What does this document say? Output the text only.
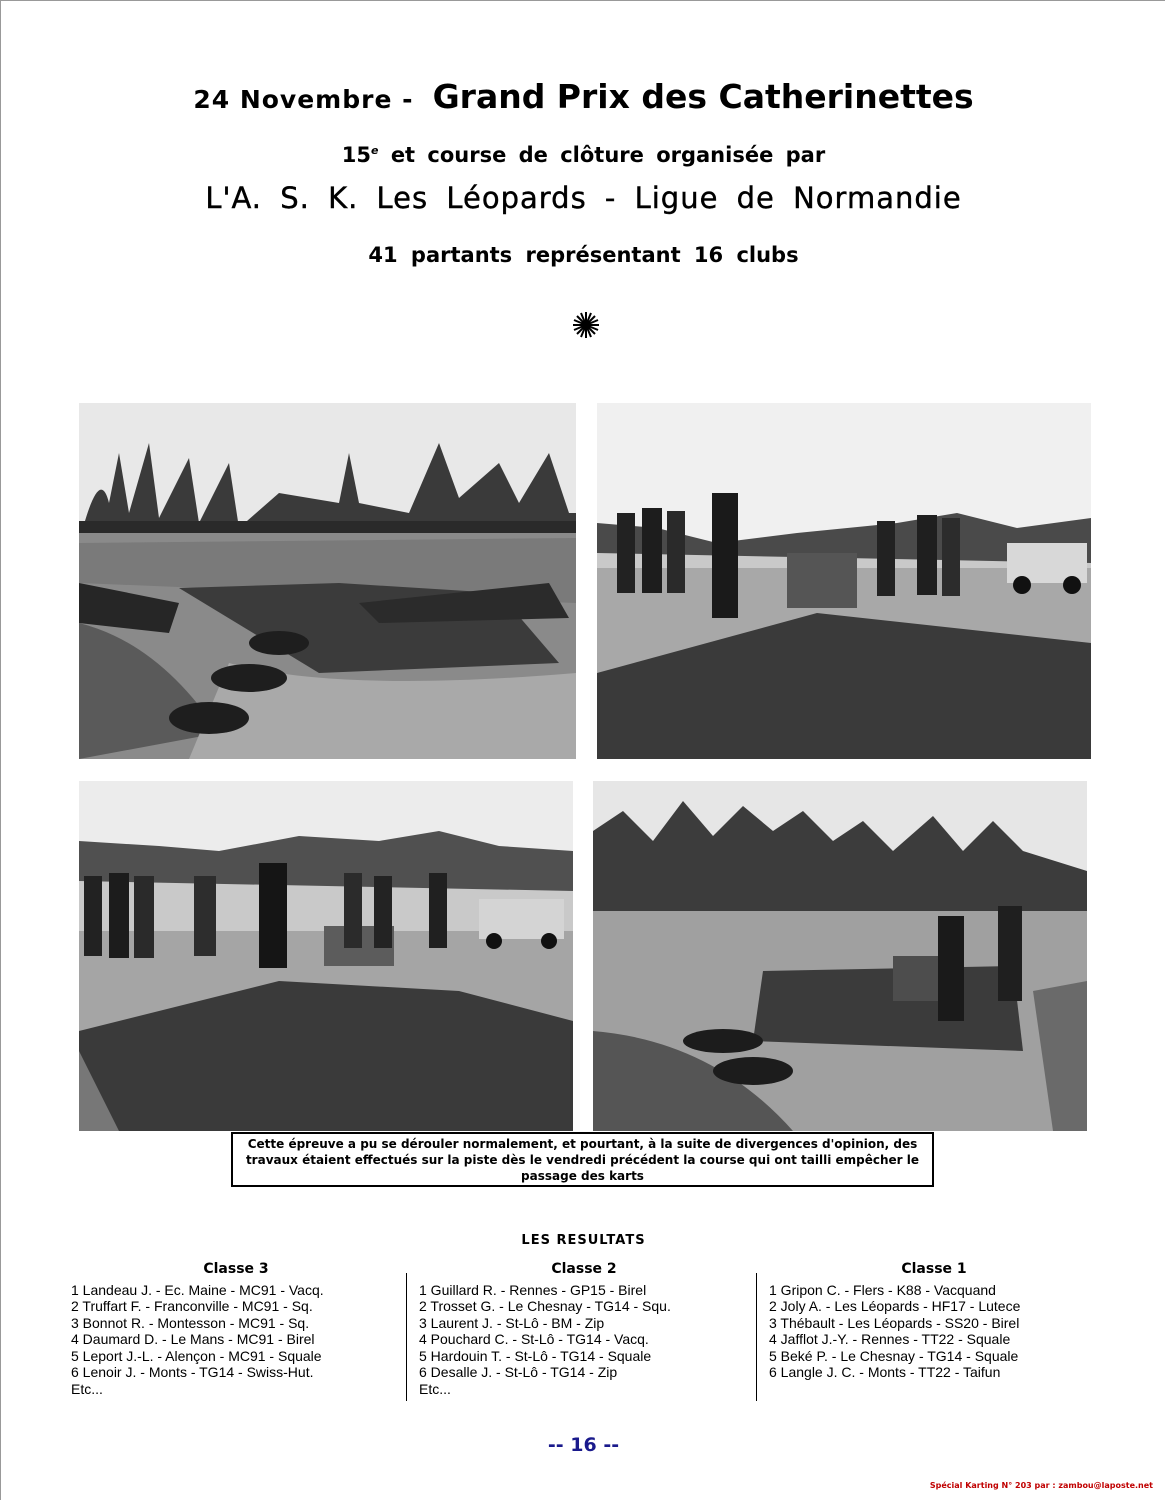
24 Novembre - Grand Prix des Catherinettes
15e et course de clôture organisée par
L'A. S. K. Les Léopards - Ligue de Normandie
41 partants représentant 16 clubs
Cette épreuve a pu se dérouler normalement, et pourtant, à la suite de divergences d'opinion, des travaux étaient effectués sur la piste dès le vendredi précédent la course qui ont tailli empêcher le passage des karts
LES RESULTATS
Classe 3
1 Landeau J. - Ec. Maine - MC91 - Vacq.
2 Truffart F. - Franconville - MC91 - Sq.
3 Bonnot R. - Montesson - MC91 - Sq.
4 Daumard D. - Le Mans - MC91 - Birel
5 Leport J.-L. - Alençon - MC91 - Squale
6 Lenoir J. - Monts - TG14 - Swiss-Hut.
Etc...
Classe 2
1 Guillard R. - Rennes - GP15 - Birel
2 Trosset G. - Le Chesnay - TG14 - Squ.
3 Laurent J. - St-Lô - BM - Zip
4 Pouchard C. - St-Lô - TG14 - Vacq.
5 Hardouin T. - St-Lô - TG14 - Squale
6 Desalle J. - St-Lô - TG14 - Zip
Etc...
Classe 1
1 Gripon C. - Flers - K88 - Vacquand
2 Joly A. - Les Léopards - HF17 - Lutece
3 Thébault - Les Léopards - SS20 - Birel
4 Jafflot J.-Y. - Rennes - TT22 - Squale
5 Beké P. - Le Chesnay - TG14 - Squale
6 Langle J. C. - Monts - TT22 - Taifun
-- 16 --
Spécial Karting N° 203 par : zambou@laposte.net
